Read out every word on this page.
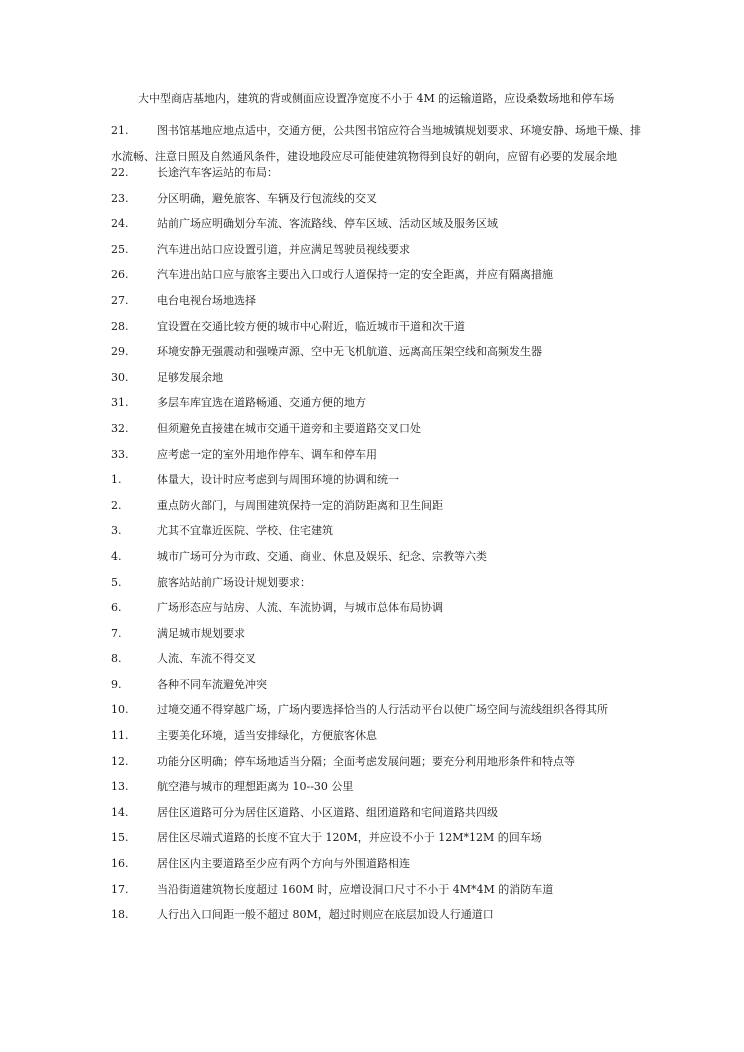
大中型商店基地内，建筑的背或侧面应设置净宽度不小于 4M 的运输道路，应设桑数场地和停车场
21.	图书馆基地应地点适中，交通方便，公共图书馆应符合当地城镇规划要求、环境安静、场地干燥、排水流畅、注意日照及自然通风条件，建设地段应尽可能使建筑物得到良好的朝向，应留有必要的发展余地
22.	长途汽车客运站的布局：
23.	分区明确，避免旅客、车辆及行包流线的交叉
24.	站前广场应明确划分车流、客流路线、停车区域、活动区域及服务区域
25.	汽车进出站口应设置引道，并应满足驾驶员视线要求
26.	汽车进出站口应与旅客主要出入口或行人道保持一定的安全距离，并应有隔离措施
27.	电台电视台场地选择
28.	宜设置在交通比较方便的城市中心附近，临近城市干道和次干道
29.	环境安静无强震动和强噪声源、空中无飞机航道、远离高压架空线和高频发生器
30.	足够发展余地
31.	多层车库宜选在道路畅通、交通方便的地方
32.	但须避免直接建在城市交通干道旁和主要道路交叉口处
33.	应考虑一定的室外用地作停车、调车和停车用
1.	体量大，设计时应考虑到与周围环境的协调和统一
2.	重点防火部门，与周围建筑保持一定的消防距离和卫生间距
3.	尤其不宜靠近医院、学校、住宅建筑
4.	城市广场可分为市政、交通、商业、休息及娱乐、纪念、宗教等六类
5.	旅客站站前广场设计规划要求：
6.	广场形态应与站房、人流、车流协调，与城市总体布局协调
7.	满足城市规划要求
8.	人流、车流不得交叉
9.	各种不同车流避免冲突
10.	过境交通不得穿越广场，广场内要选择恰当的人行活动平台以使广场空间与流线组织各得其所
11.	主要美化环境，适当安排绿化，方便旅客休息
12.	功能分区明确；停车场地适当分隔；全面考虑发展问题；要充分利用地形条件和特点等
13.	航空港与城市的理想距离为 10--30 公里
14.	居住区道路可分为居住区道路、小区道路、组团道路和宅间道路共四级
15.	居住区尽端式道路的长度不宜大于 120M，并应设不小于 12M*12M 的回车场
16.	居住区内主要道路至少应有两个方向与外围道路相连
17.	当沿街道建筑物长度超过 160M 时，应增设洞口尺寸不小于 4M*4M 的消防车道
18.	人行出入口间距一般不超过 80M，超过时则应在底层加设人行通道口
